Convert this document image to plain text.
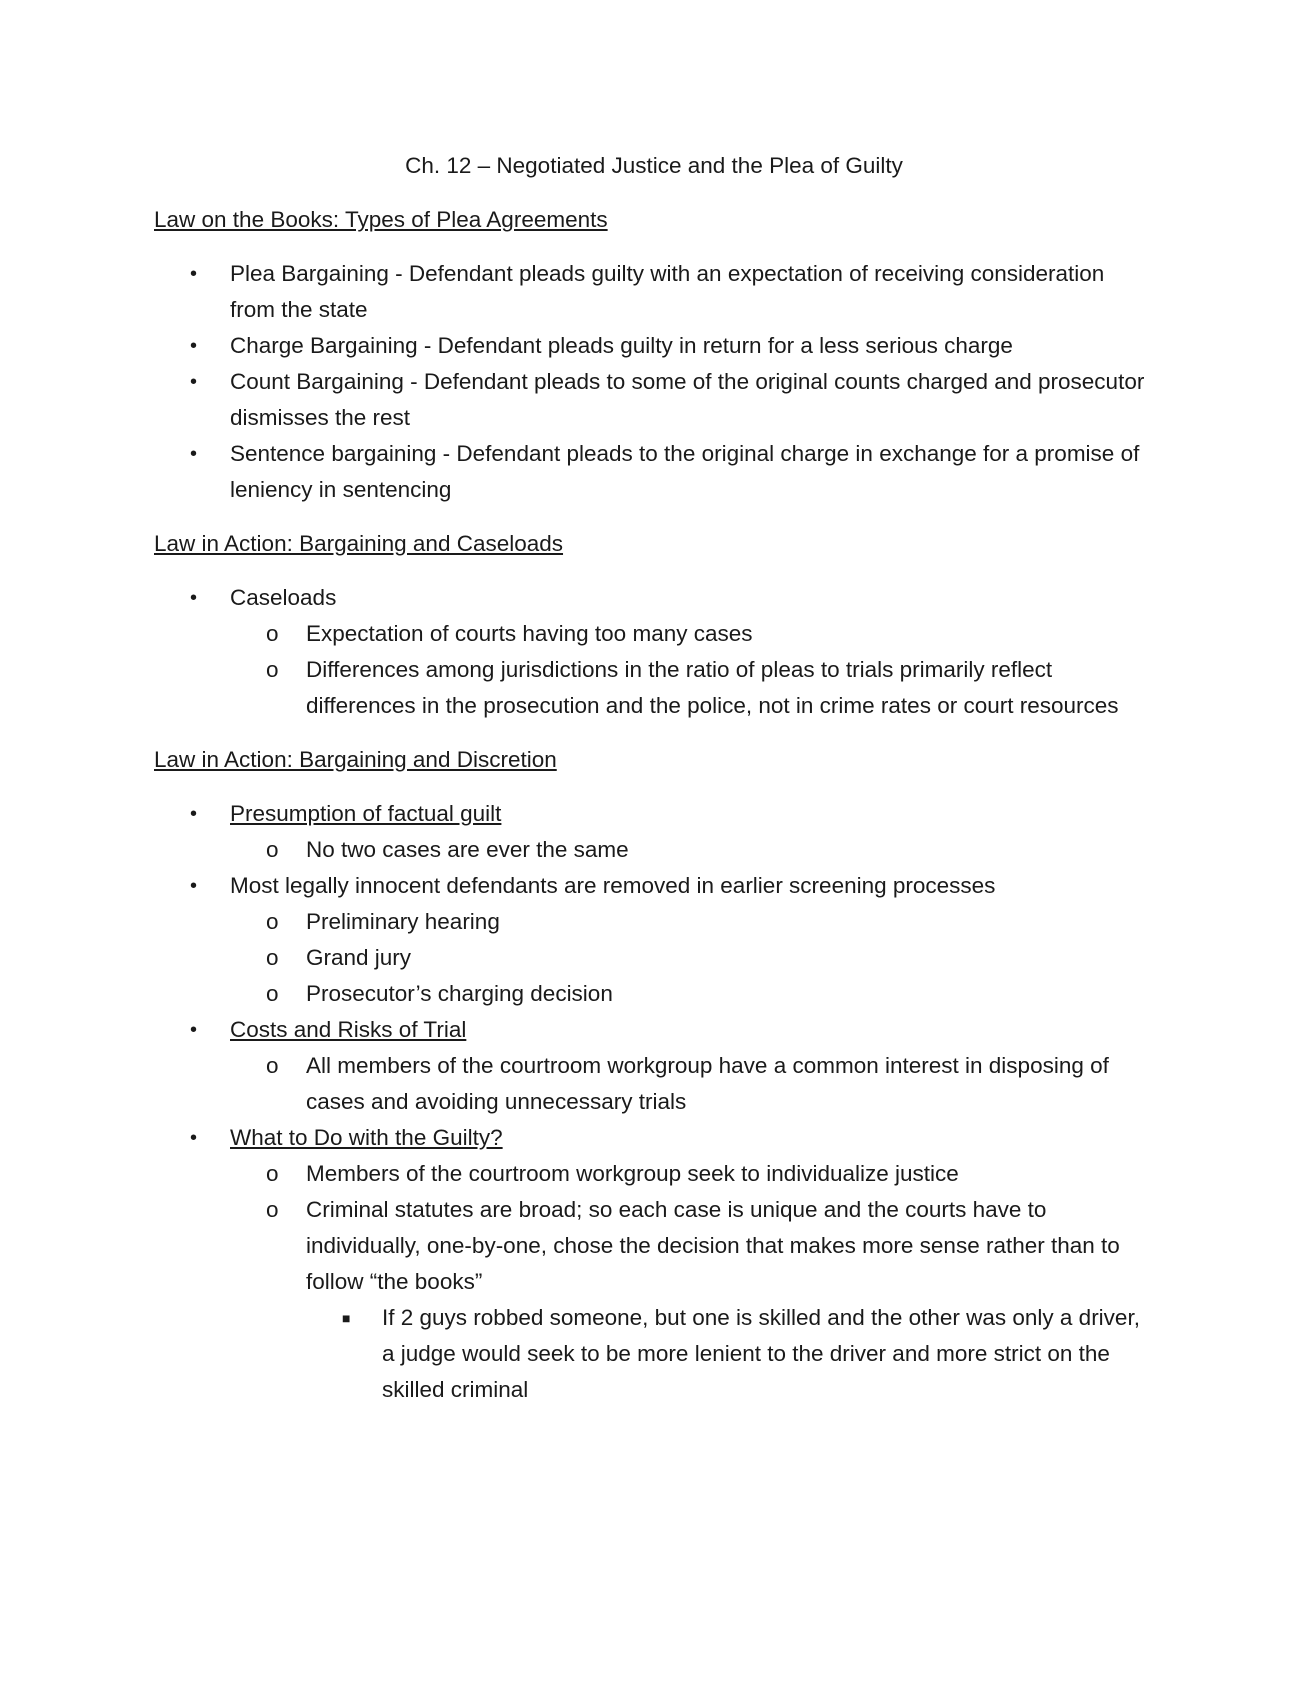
Ch. 12 – Negotiated Justice and the Plea of Guilty
Law on the Books: Types of Plea Agreements
• Plea Bargaining - Defendant pleads guilty with an expectation of receiving consideration from the state
• Charge Bargaining - Defendant pleads guilty in return for a less serious charge
• Count Bargaining - Defendant pleads to some of the original counts charged and prosecutor dismisses the rest
• Sentence bargaining - Defendant pleads to the original charge in exchange for a promise of leniency in sentencing
Law in Action: Bargaining and Caseloads
• Caseloads
o Expectation of courts having too many cases
o Differences among jurisdictions in the ratio of pleas to trials primarily reflect differences in the prosecution and the police, not in crime rates or court resources
Law in Action: Bargaining and Discretion
• Presumption of factual guilt
o No two cases are ever the same
• Most legally innocent defendants are removed in earlier screening processes
o Preliminary hearing
o Grand jury
o Prosecutor’s charging decision
• Costs and Risks of Trial
o All members of the courtroom workgroup have a common interest in disposing of cases and avoiding unnecessary trials
• What to Do with the Guilty?
o Members of the courtroom workgroup seek to individualize justice
o Criminal statutes are broad; so each case is unique and the courts have to individually, one-by-one, chose the decision that makes more sense rather than to follow “the books”
■ If 2 guys robbed someone, but one is skilled and the other was only a driver, a judge would seek to be more lenient to the driver and more strict on the skilled criminal
